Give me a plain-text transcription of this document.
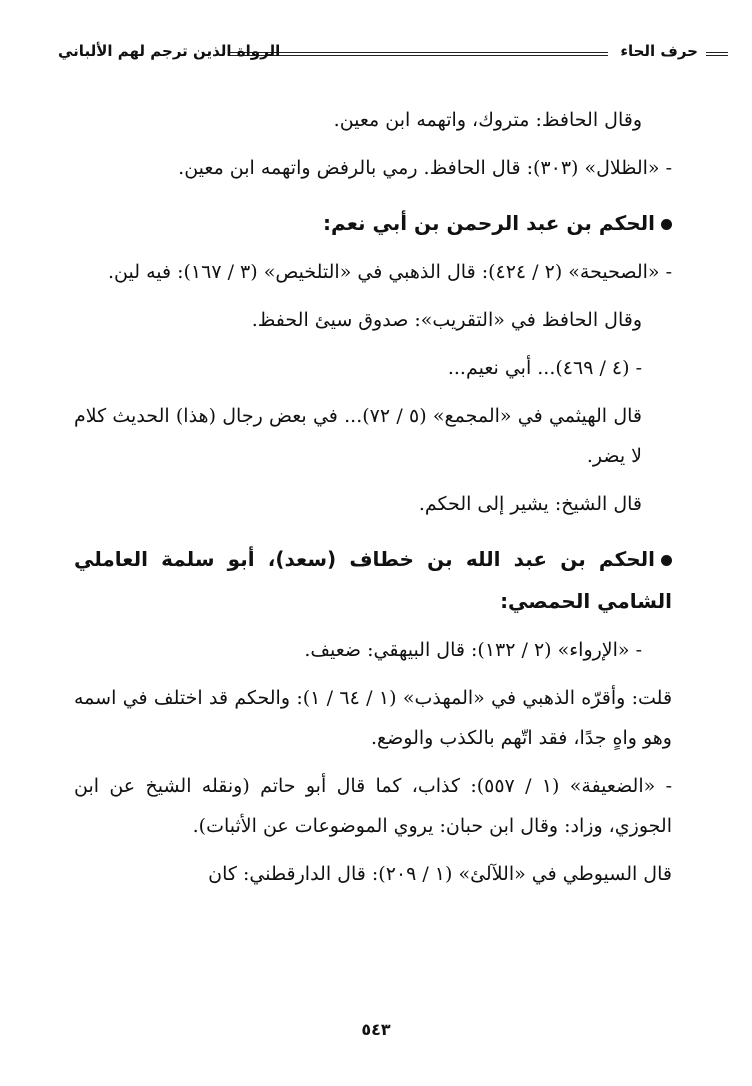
حرف الحاء
الرواة الذين ترجم لهم الألباني

وقال الحافظ: متروك، واتهمه ابن معين.

- «الظلال» (٣٠٣): قال الحافظ. رمي بالرفض واتهمه ابن معين.

الحكم بن عبد الرحمن بن أبي نعم:

- «الصحيحة» (٢ / ٤٢٤): قال الذهبي في «التلخيص» (٣ / ١٦٧): فيه لين.

وقال الحافظ في «التقريب»: صدوق سيئ الحفظ.

- (٤ / ٤٦٩)... أبي نعيم...

قال الهيثمي في «المجمع» (٥ / ٧٢)... في بعض رجال (هذا) الحديث كلام لا يضر.

قال الشيخ: يشير إلى الحكم.

الحكم بن عبد الله بن خطاف (سعد)، أبو سلمة العاملي الشامي الحمصي:

- «الإرواء» (٢ / ١٣٢): قال البيهقي: ضعيف.

قلت: وأقرّه الذهبي في «المهذب» (١ / ٦٤ / ١): والحكم قد اختلف في اسمه وهو واهٍ جدًا، فقد اتّهم بالكذب والوضع.

- «الضعيفة» (١ / ٥٥٧): كذاب، كما قال أبو حاتم (ونقله الشيخ عن ابن الجوزي، وزاد: وقال ابن حبان: يروي الموضوعات عن الأثبات).

قال السيوطي في «اللآلئ» (١ / ٢٠٩): قال الدارقطني: كان

٥٤٣
